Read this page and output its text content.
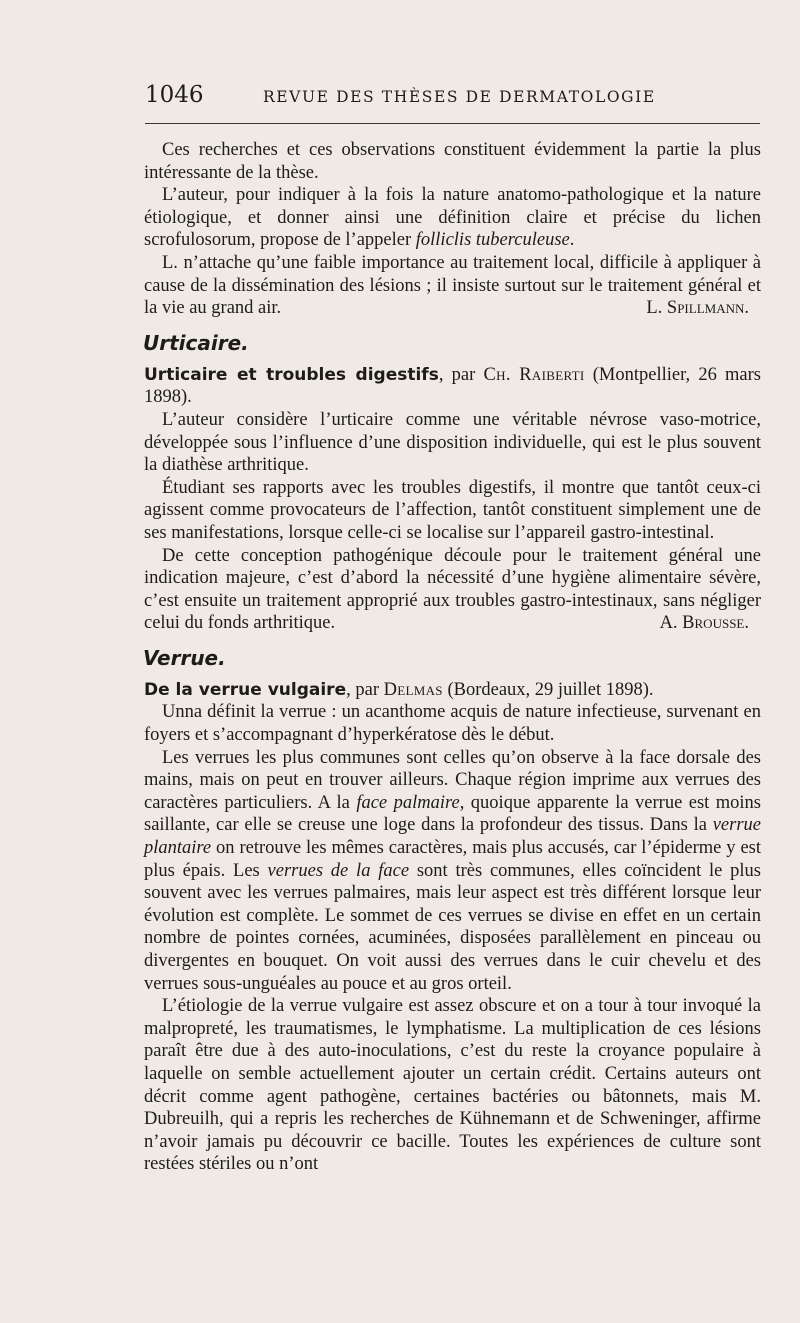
1046	REVUE DES THÈSES DE DERMATOLOGIE

Ces recherches et ces observations constituent évidemment la partie la plus intéressante de la thèse.

L’auteur, pour indiquer à la fois la nature anatomo-pathologique et la nature étiologique, et donner ainsi une définition claire et précise du lichen scrofulosorum, propose de l’appeler folliclis tuberculeuse.

L. n’attache qu’une faible importance au traitement local, difficile à appliquer à cause de la dissémination des lésions ; il insiste surtout sur le traitement général et la vie au grand air.	L. Spillmann.

Urticaire.

Urticaire et troubles digestifs, par Ch. Raiberti (Montpellier, 26 mars 1898).

L’auteur considère l’urticaire comme une véritable névrose vaso-motrice, développée sous l’influence d’une disposition individuelle, qui est le plus souvent la diathèse arthritique.

Étudiant ses rapports avec les troubles digestifs, il montre que tantôt ceux-ci agissent comme provocateurs de l’affection, tantôt constituent simplement une de ses manifestations, lorsque celle-ci se localise sur l’appareil gastro-intestinal.

De cette conception pathogénique découle pour le traitement général une indication majeure, c’est d’abord la nécessité d’une hygiène alimentaire sévère, c’est ensuite un traitement approprié aux troubles gastro-intestinaux, sans négliger celui du fonds arthritique.	A. Brousse.

Verrue.

De la verrue vulgaire, par Delmas (Bordeaux, 29 juillet 1898).

Unna définit la verrue : un acanthome acquis de nature infectieuse, survenant en foyers et s’accompagnant d’hyperkératose dès le début.

Les verrues les plus communes sont celles qu’on observe à la face dorsale des mains, mais on peut en trouver ailleurs. Chaque région imprime aux verrues des caractères particuliers. A la face palmaire, quoique apparente la verrue est moins saillante, car elle se creuse une loge dans la profondeur des tissus. Dans la verrue plantaire on retrouve les mêmes caractères, mais plus accusés, car l’épiderme y est plus épais. Les verrues de la face sont très communes, elles coïncident le plus souvent avec les verrues palmaires, mais leur aspect est très différent lorsque leur évolution est complète. Le sommet de ces verrues se divise en effet en un certain nombre de pointes cornées, acuminées, disposées parallèlement en pinceau ou divergentes en bouquet. On voit aussi des verrues dans le cuir chevelu et des verrues sous-unguéales au pouce et au gros orteil.

L’étiologie de la verrue vulgaire est assez obscure et on a tour à tour invoqué la malpropreté, les traumatismes, le lymphatisme. La multiplication de ces lésions paraît être due à des auto-inoculations, c’est du reste la croyance populaire à laquelle on semble actuellement ajouter un certain crédit. Certains auteurs ont décrit comme agent pathogène, certaines bactéries ou bâtonnets, mais M. Dubreuilh, qui a repris les recherches de Kühnemann et de Schweninger, affirme n’avoir jamais pu découvrir ce bacille. Toutes les expériences de culture sont restées stériles ou n’ont
